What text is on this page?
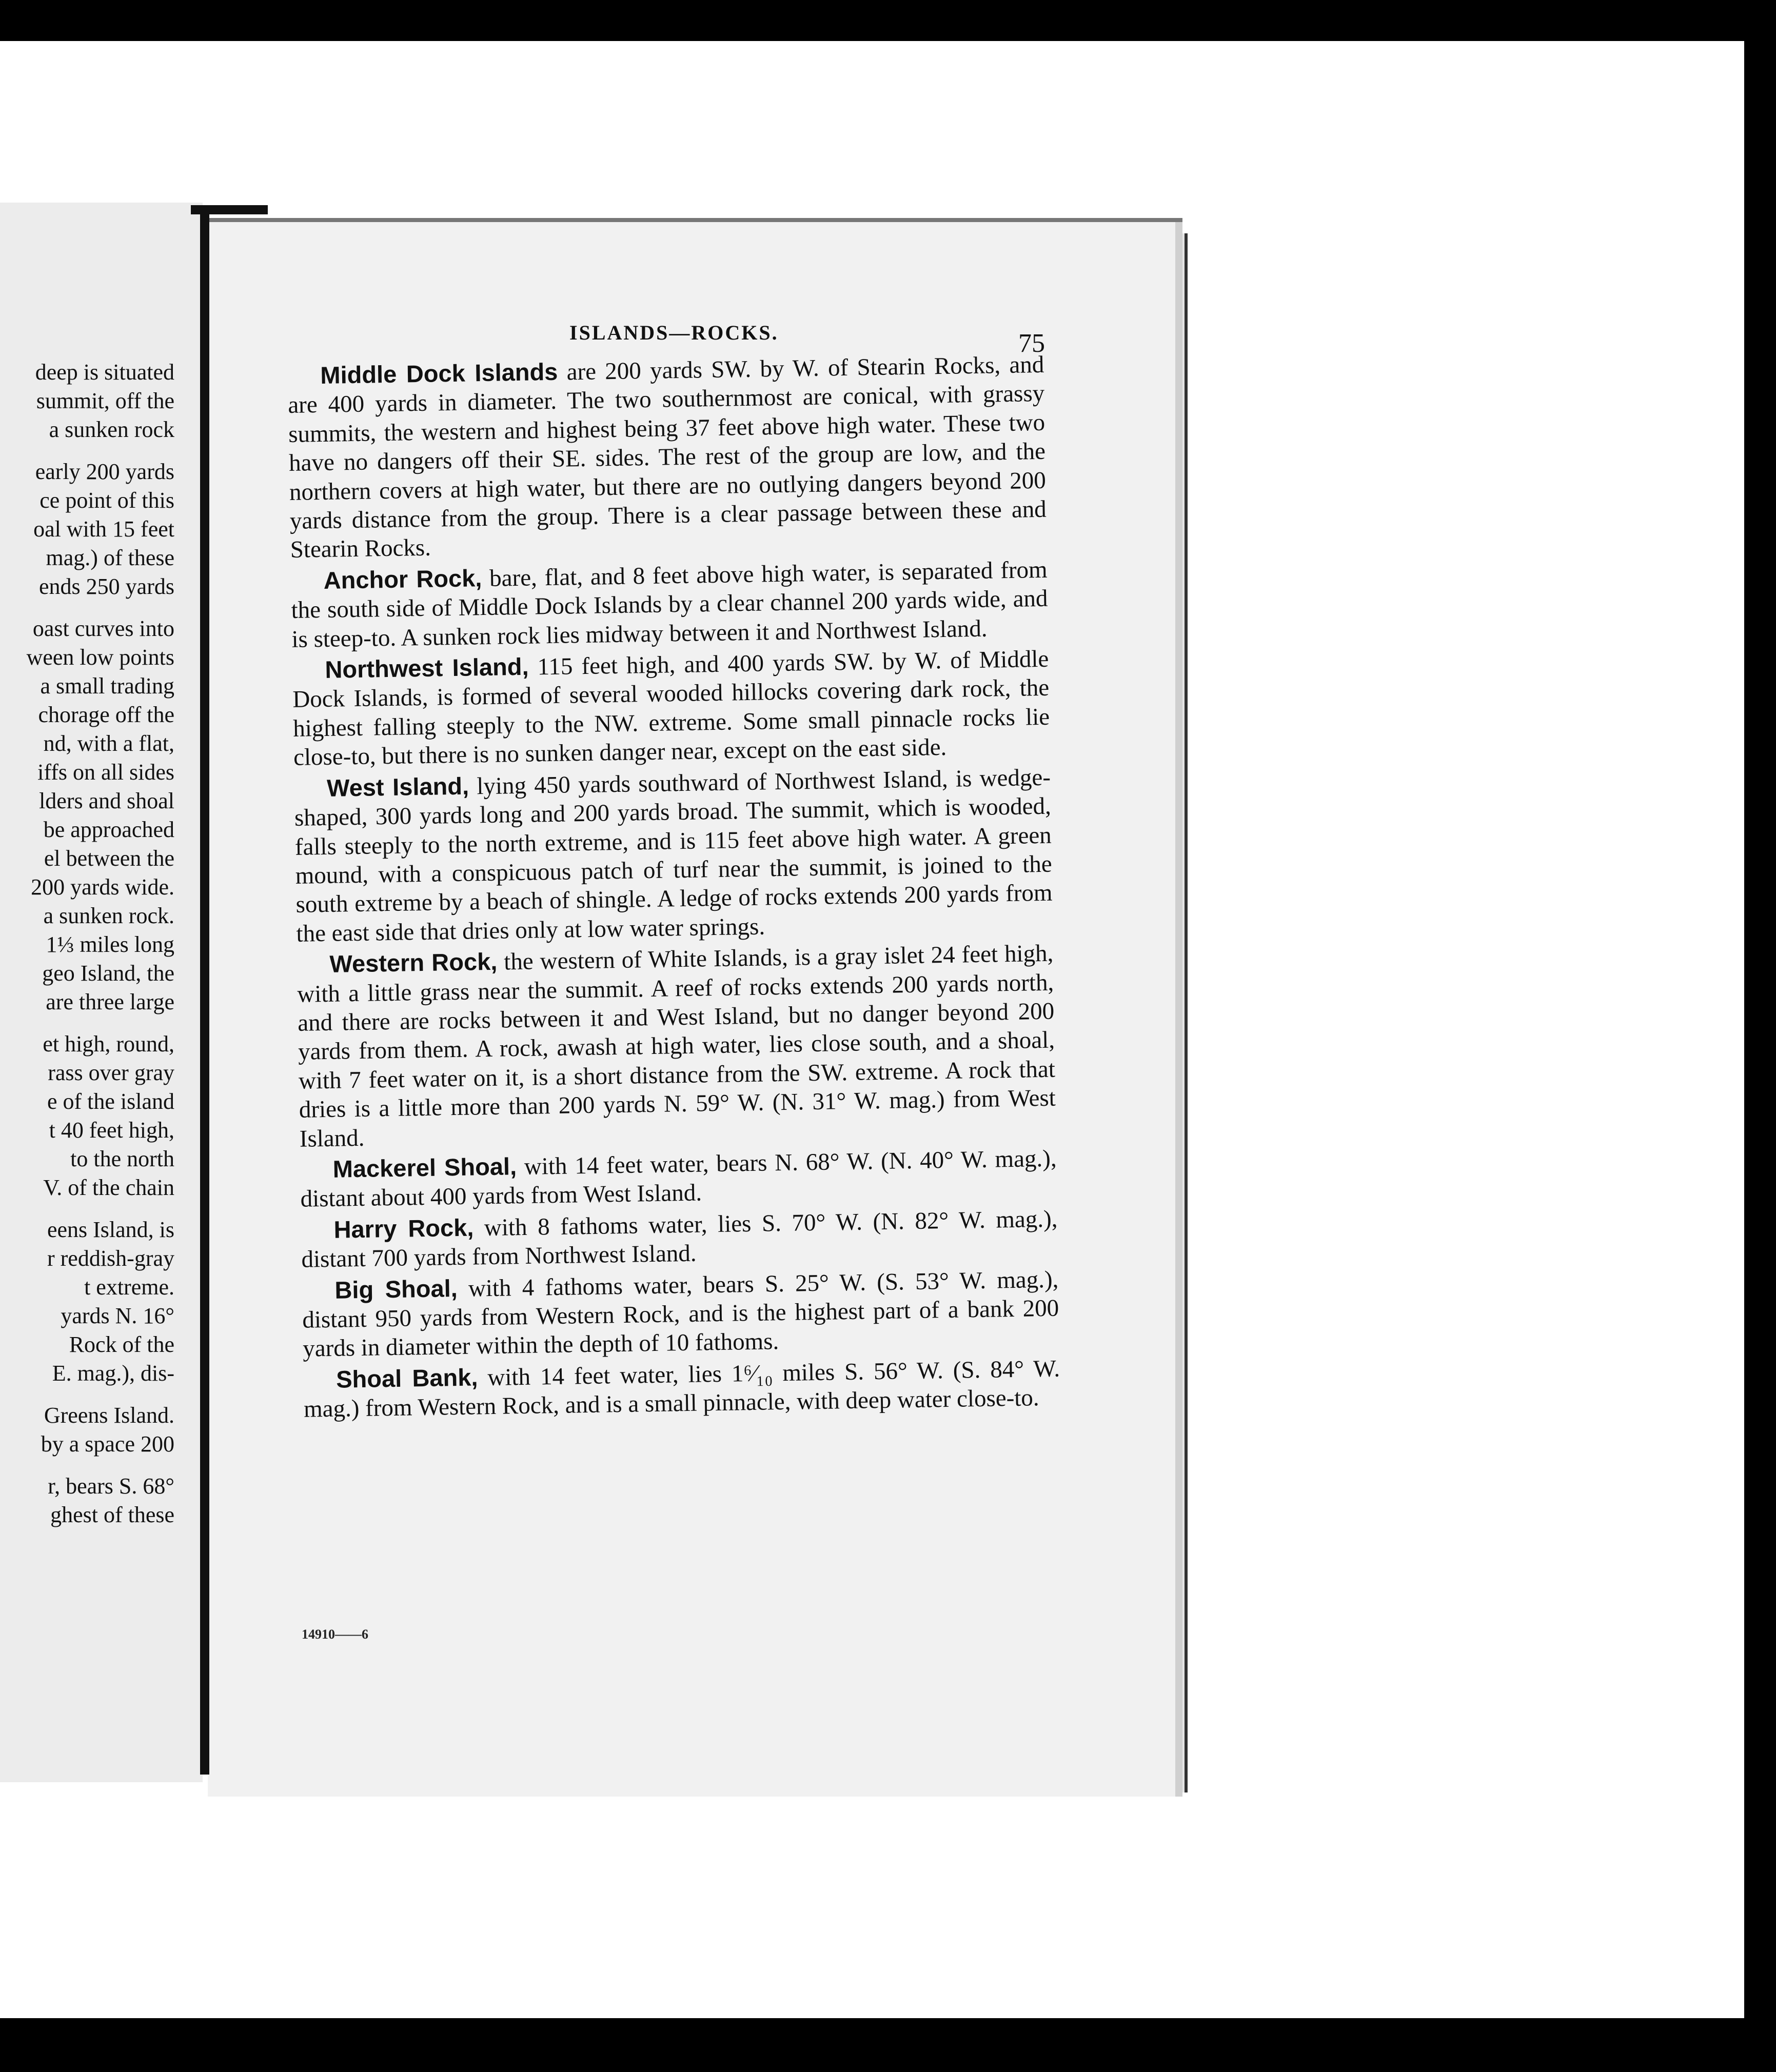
deep is situated
summit, off the
a sunken rock
early 200 yards
ce point of this
oal with 15 feet
mag.) of these
ends 250 yards
oast curves into
ween low points
a small trading
chorage off the
nd, with a flat,
iffs on all sides
lders and shoal
be approached
el between the
200 yards wide.
a sunken rock.
1⅓ miles long
geo Island, the
are three large
et high, round,
rass over gray
e of the island
t 40 feet high,
to the north
V. of the chain
eens Island, is
r reddish-gray
t extreme.
yards N. 16°
Rock of the
E. mag.), dis-
Greens Island.
by a space 200
r, bears S. 68°
ghest of these
ISLANDS—ROCKS.	75

Middle Dock Islands are 200 yards SW. by W. of Stearin Rocks, and are 400 yards in diameter. The two southernmost are conical, with grassy summits, the western and highest being 37 feet above high water. These two have no dangers off their SE. sides. The rest of the group are low, and the northern covers at high water, but there are no outlying dangers beyond 200 yards distance from the group. There is a clear passage between these and Stearin Rocks.

Anchor Rock, bare, flat, and 8 feet above high water, is separated from the south side of Middle Dock Islands by a clear channel 200 yards wide, and is steep-to. A sunken rock lies midway between it and Northwest Island.

Northwest Island, 115 feet high, and 400 yards SW. by W. of Middle Dock Islands, is formed of several wooded hillocks covering dark rock, the highest falling steeply to the NW. extreme. Some small pinnacle rocks lie close-to, but there is no sunken danger near, except on the east side.

West Island, lying 450 yards southward of Northwest Island, is wedge-shaped, 300 yards long and 200 yards broad. The summit, which is wooded, falls steeply to the north extreme, and is 115 feet above high water. A green mound, with a conspicuous patch of turf near the summit, is joined to the south extreme by a beach of shingle. A ledge of rocks extends 200 yards from the east side that dries only at low water springs.

Western Rock, the western of White Islands, is a gray islet 24 feet high, with a little grass near the summit. A reef of rocks extends 200 yards north, and there are rocks between it and West Island, but no danger beyond 200 yards from them. A rock, awash at high water, lies close south, and a shoal, with 7 feet water on it, is a short distance from the SW. extreme. A rock that dries is a little more than 200 yards N. 59° W. (N. 31° W. mag.) from West Island.

Mackerel Shoal, with 14 feet water, bears N. 68° W. (N. 40° W. mag.), distant about 400 yards from West Island.

Harry Rock, with 8 fathoms water, lies S. 70° W. (N. 82° W. mag.), distant 700 yards from Northwest Island.

Big Shoal, with 4 fathoms water, bears S. 25° W. (S. 53° W. mag.), distant 950 yards from Western Rock, and is the highest part of a bank 200 yards in diameter within the depth of 10 fathoms.

Shoal Bank, with 14 feet water, lies 1⁶⁄₁₀ miles S. 56° W. (S. 84° W. mag.) from Western Rock, and is a small pinnacle, with deep water close-to.

14910——6
